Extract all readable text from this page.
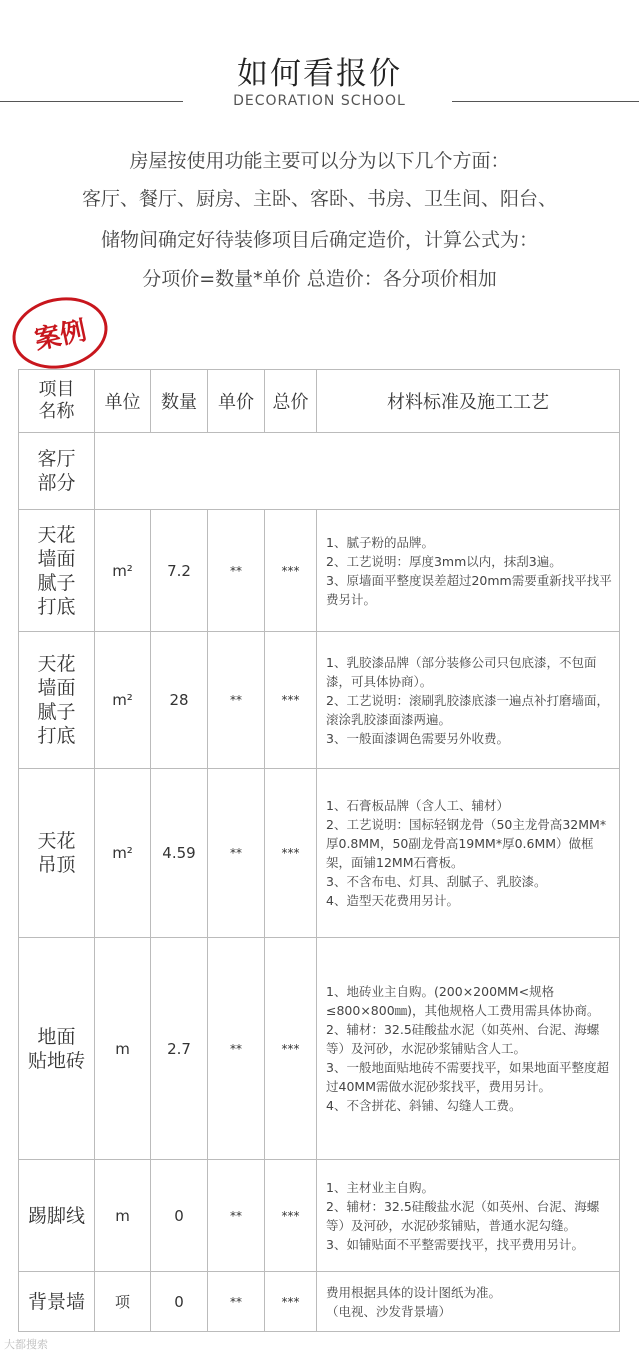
如何看报价
DECORATION SCHOOL
房屋按使用功能主要可以分为以下几个方面：
客厅、餐厅、厨房、主卧、客卧、书房、卫生间、阳台、
储物间确定好待装修项目后确定造价，计算公式为：
分项价=数量*单价 总造价：各分项价相加
案例
项目
名称	单位	数量	单价	总价	材料标准及施工工艺

客厅
部分					

天花
墙面
腻子
打底	m²	7.2	**	***	1、腻子粉的品牌。
2、工艺说明：厚度3mm以内，抹刮3遍。
3、原墙面平整度误差超过20mm需要重新找平找平费另计。

天花
墙面
腻子
打底	m²	28	**	***	1、乳胶漆品牌（部分装修公司只包底漆，不包面漆，可具体协商）。
2、工艺说明：滚刷乳胶漆底漆一遍点补打磨墙面，滚涂乳胶漆面漆两遍。
3、一般面漆调色需要另外收费。

天花
吊顶	m²	4.59	**	***	1、石膏板品牌（含人工、辅材）
2、工艺说明：国标轻钢龙骨（50主龙骨高32MM*厚0.8MM，50副龙骨高19MM*厚0.6MM）做框架，面铺12MM石膏板。
3、不含布电、灯具、刮腻子、乳胶漆。
4、造型天花费用另计。

地面
贴地砖	m	2.7	**	***	1、地砖业主自购。(200×200MM<规格≤800×800㎜)，其他规格人工费用需具体协商。
2、辅材：32.5硅酸盐水泥（如英州、台泥、海螺等）及河砂，水泥砂浆铺贴含人工。
3、一般地面贴地砖不需要找平，如果地面平整度超过40MM需做水泥砂浆找平，费用另计。
4、不含拼花、斜铺、勾缝人工费。

踢脚线	m	0	**	***	1、主材业主自购。
2、辅材：32.5硅酸盐水泥（如英州、台泥、海螺等）及河砂，水泥砂浆铺贴，普通水泥勾缝。
3、如铺贴面不平整需要找平，找平费用另计。

背景墙	项	0	**	***	费用根据具体的设计图纸为准。
（电视、沙发背景墙）
大都搜索
